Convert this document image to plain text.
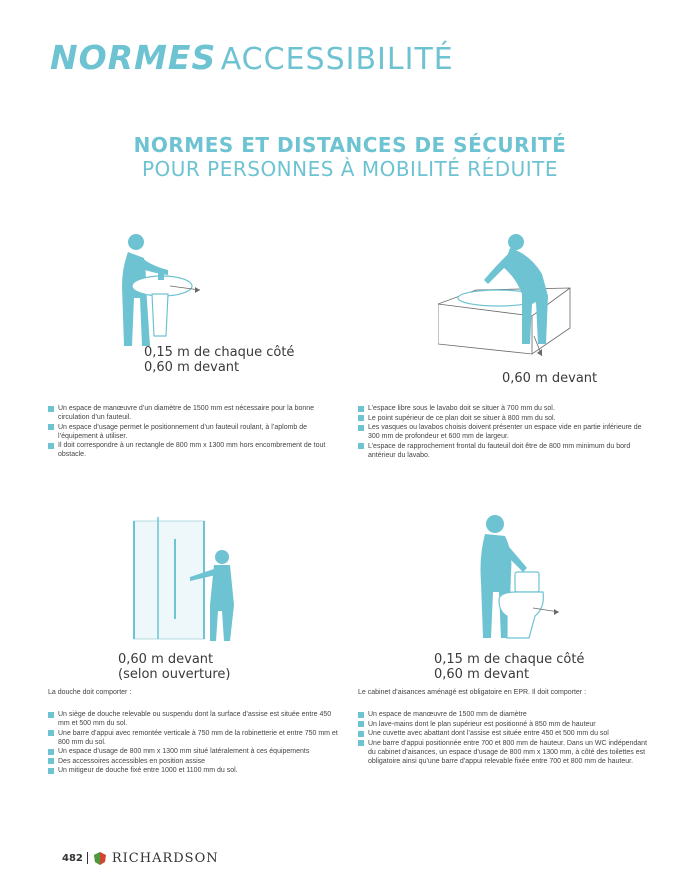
NORMES ACCESSIBILITÉ
NORMES ET DISTANCES DE SÉCURITÉ
POUR PERSONNES À MOBILITÉ RÉDUITE
0,15 m de chaque côté
0,60 m devant
Un espace de manœuvre d’un diamètre de 1500 mm est nécessaire pour la bonne circulation d’un fauteuil.
Un espace d’usage permet le positionnement d’un fauteuil roulant, à l’aplomb de l’équipement à utiliser.
Il doit correspondre à un rectangle de 800 mm x 1300 mm hors encombrement de tout obstacle.
0,60 m devant
L’espace libre sous le lavabo doit se situer à 700 mm du sol.
Le point supérieur de ce plan doit se situer à 800 mm du sol.
Les vasques ou lavabos choisis doivent présenter un espace vide en partie inférieure de 300 mm de profondeur et 600 mm de largeur.
L’espace de rapprochement frontal du fauteuil doit être de 800 mm minimum du bord antérieur du lavabo.
0,60 m devant
(selon ouverture)
La douche doit comporter :
Un siège de douche relevable ou suspendu dont la surface d’assise est située entre 450 mm et 500 mm du sol.
Une barre d’appui avec remontée verticale à 750 mm de la robinetterie et entre 750 mm et 800 mm du sol.
Un espace d’usage de 800 mm x 1300 mm situé latéralement à ces équipements
Des accessoires accessibles en position assise
Un mitigeur de douche fixé entre 1000 et 1100 mm du sol.
0,15 m de chaque côté
0,60 m devant
Le cabinet d’aisances aménagé est obligatoire en EPR. Il doit comporter :
Un espace de manœuvre de 1500 mm de diamètre
Un lave-mains dont le plan supérieur est positionné à 850 mm de hauteur
Une cuvette avec abattant dont l’assise est située entre 450 et 500 mm du sol
Une barre d’appui positionnée entre 700 et 800 mm de hauteur. Dans un WC indépendant du cabinet d’aisances, un espace d’usage de 800 mm x 1300 mm, à côté des toilettes est obligatoire ainsi qu’une barre d’appui relevable fixée entre 700 et 800 mm de hauteur.
482 RICHARDSON
